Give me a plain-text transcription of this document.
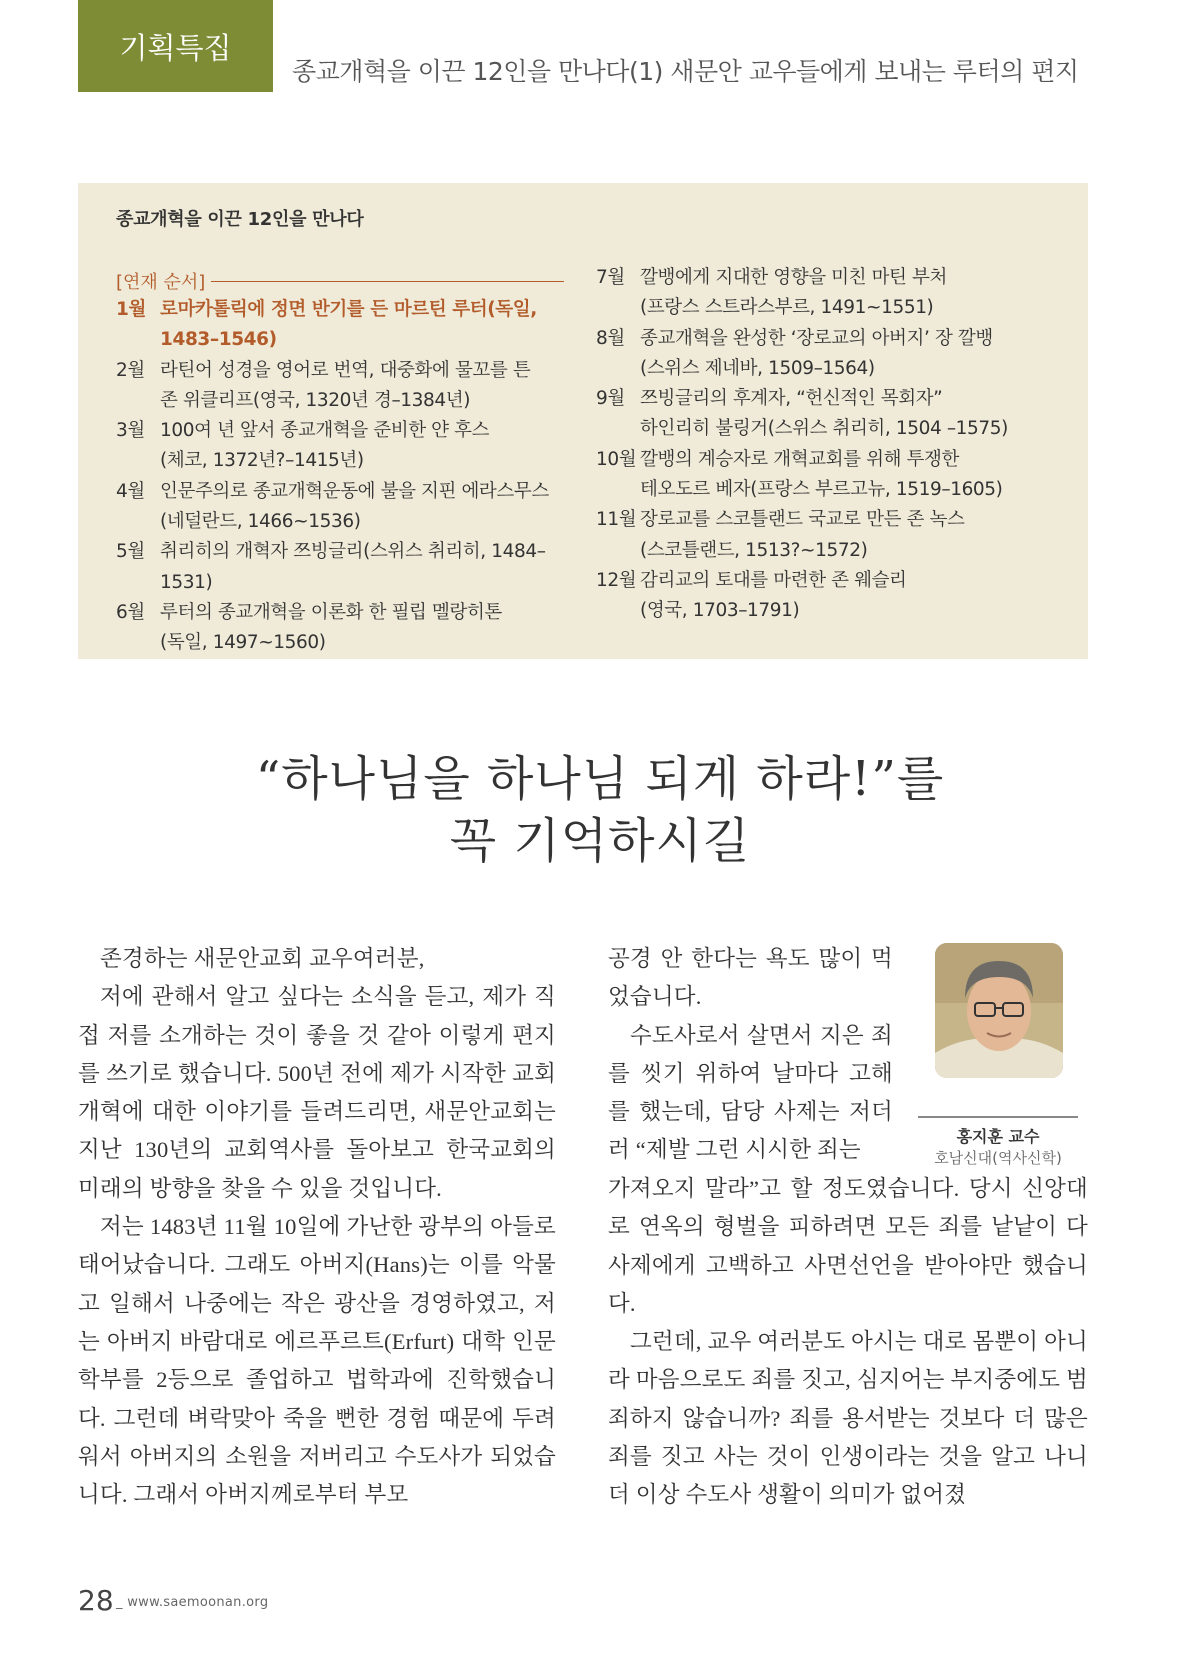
기획특집
종교개혁을 이끈 12인을 만나다(1) 새문안 교우들에게 보내는 루터의 편지
종교개혁을 이끈 12인을 만나다
[연재 순서]
1월 로마카톨릭에 정면 반기를 든 마르틴 루터(독일,
1483–1546)
2월 라틴어 성경을 영어로 번역, 대중화에 물꼬를 튼
존 위클리프(영국, 1320년 경–1384년)
3월 100여 년 앞서 종교개혁을 준비한 얀 후스
(체코, 1372년?–1415년)
4월 인문주의로 종교개혁운동에 불을 지핀 에라스무스
(네덜란드, 1466~1536)
5월 취리히의 개혁자 쯔빙글리(스위스 취리히, 1484–1531)
6월 루터의 종교개혁을 이론화 한 필립 멜랑히톤
(독일, 1497~1560)
7월 깔뱅에게 지대한 영향을 미친 마틴 부처
(프랑스 스트라스부르, 1491~1551)
8월 종교개혁을 완성한 ‘장로교의 아버지’ 장 깔뱅
(스위스 제네바, 1509–1564)
9월 쯔빙글리의 후계자, “헌신적인 목회자”
하인리히 불링거(스위스 취리히, 1504 –1575)
10월 깔뱅의 계승자로 개혁교회를 위해 투쟁한
테오도르 베자(프랑스 부르고뉴, 1519–1605)
11월 장로교를 스코틀랜드 국교로 만든 존 녹스
(스코틀랜드, 1513?~1572)
12월 감리교의 토대를 마련한 존 웨슬리
(영국, 1703–1791)
“하나님을 하나님 되게 하라!”를
꼭 기억하시길

존경하는 새문안교회 교우여러분,

저에 관해서 알고 싶다는 소식을 듣고, 제가 직접 저를 소개하는 것이 좋을 것 같아 이렇게 편지를 쓰기로 했습니다. 500년 전에 제가 시작한 교회개혁에 대한 이야기를 들려드리면, 새문안교회는 지난 130년의 교회역사를 돌아보고 한국교회의 미래의 방향을 찾을 수 있을 것입니다.

저는 1483년 11월 10일에 가난한 광부의 아들로 태어났습니다. 그래도 아버지(Hans)는 이를 악물고 일해서 나중에는 작은 광산을 경영하였고, 저는 아버지 바람대로 에르푸르트(Erfurt) 대학 인문학부를 2등으로 졸업하고 법학과에 진학했습니다. 그런데 벼락맞아 죽을 뻔한 경험 때문에 두려워서 아버지의 소원을 저버리고 수도사가 되었습니다. 그래서 아버지께로부터 부모

공경 안 한다는 욕도 많이 먹었습니다.

수도사로서 살면서 지은 죄를 씻기 위하여 날마다 고해를 했는데, 담당 사제는 저더러 “제발 그런 시시한 죄는

홍지훈 교수
호남신대(역사신학)

가져오지 말라”고 할 정도였습니다. 당시 신앙대로 연옥의 형벌을 피하려면 모든 죄를 낱낱이 다 사제에게 고백하고 사면선언을 받아야만 했습니다.

그런데, 교우 여러분도 아시는 대로 몸뿐이 아니라 마음으로도 죄를 짓고, 심지어는 부지중에도 범죄하지 않습니까? 죄를 용서받는 것보다 더 많은 죄를 짓고 사는 것이 인생이라는 것을 알고 나니 더 이상 수도사 생활이 의미가 없어졌

28 _ www.saemoonan.org
